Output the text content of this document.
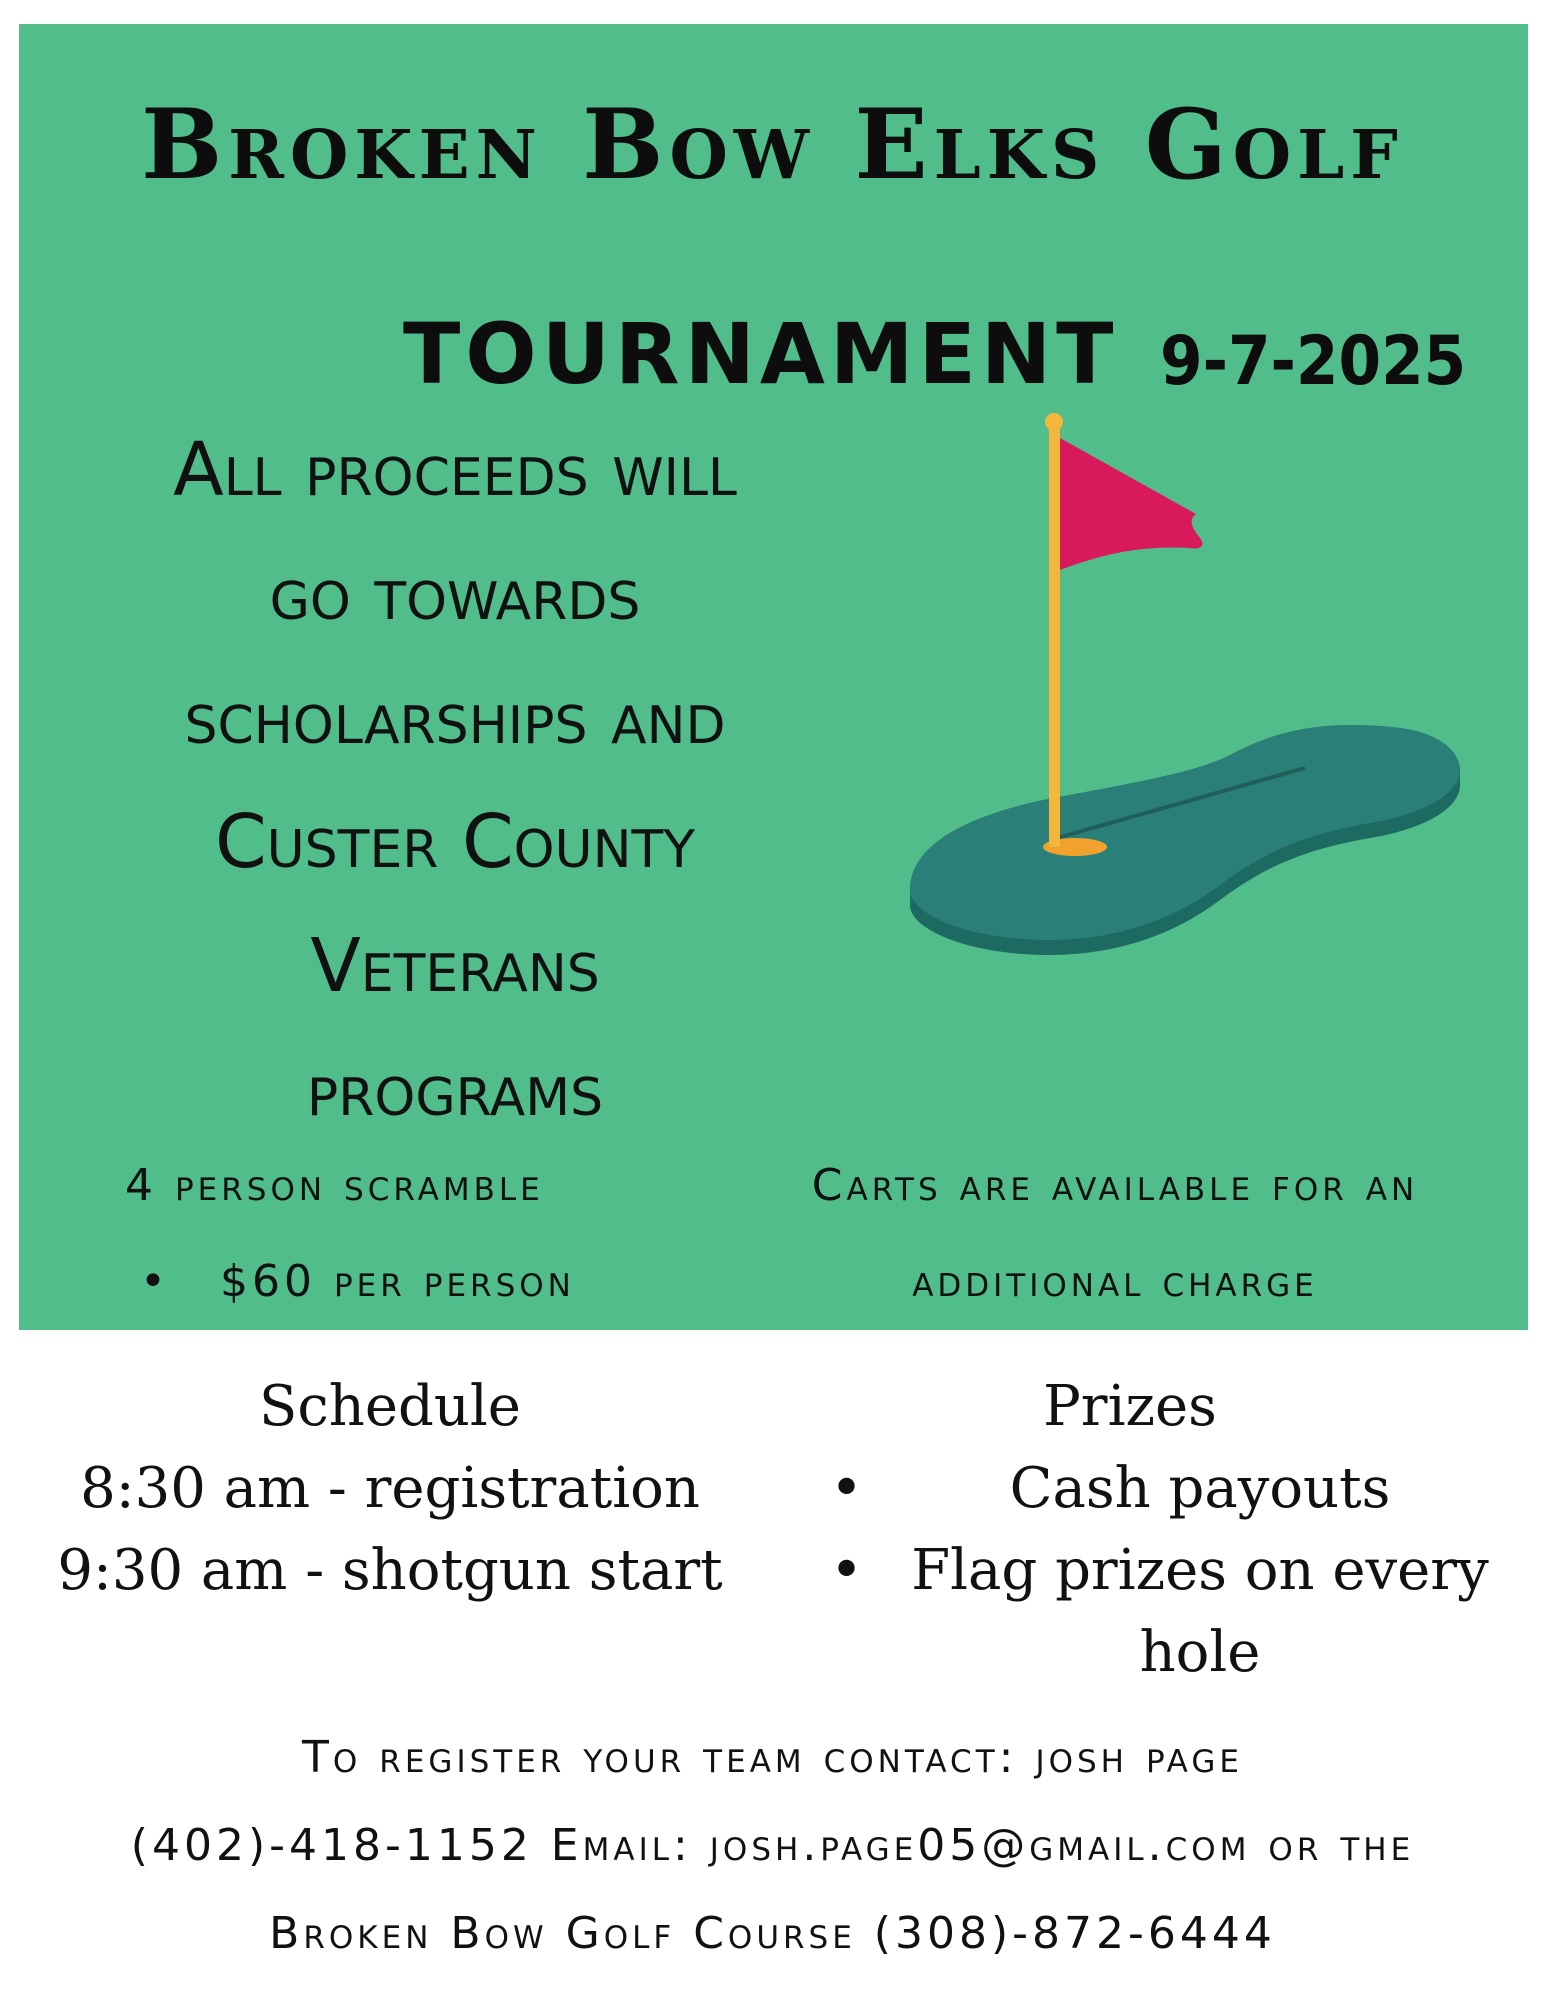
Broken Bow Elks Golf
TOURNAMENT 9-7-2025
All proceeds will
go towards
scholarships and
Custer County
Veterans
programs
4 person scramble
• $60 per person
Carts are available for an
additional charge
Schedule
8:30 am - registration
9:30 am - shotgun start
Prizes
•	Cash payouts
• Flag prizes on every hole
To register your team contact: josh page
(402)-418-1152 Email: josh.page05@gmail.com or the
Broken Bow Golf Course (308)-872-6444
